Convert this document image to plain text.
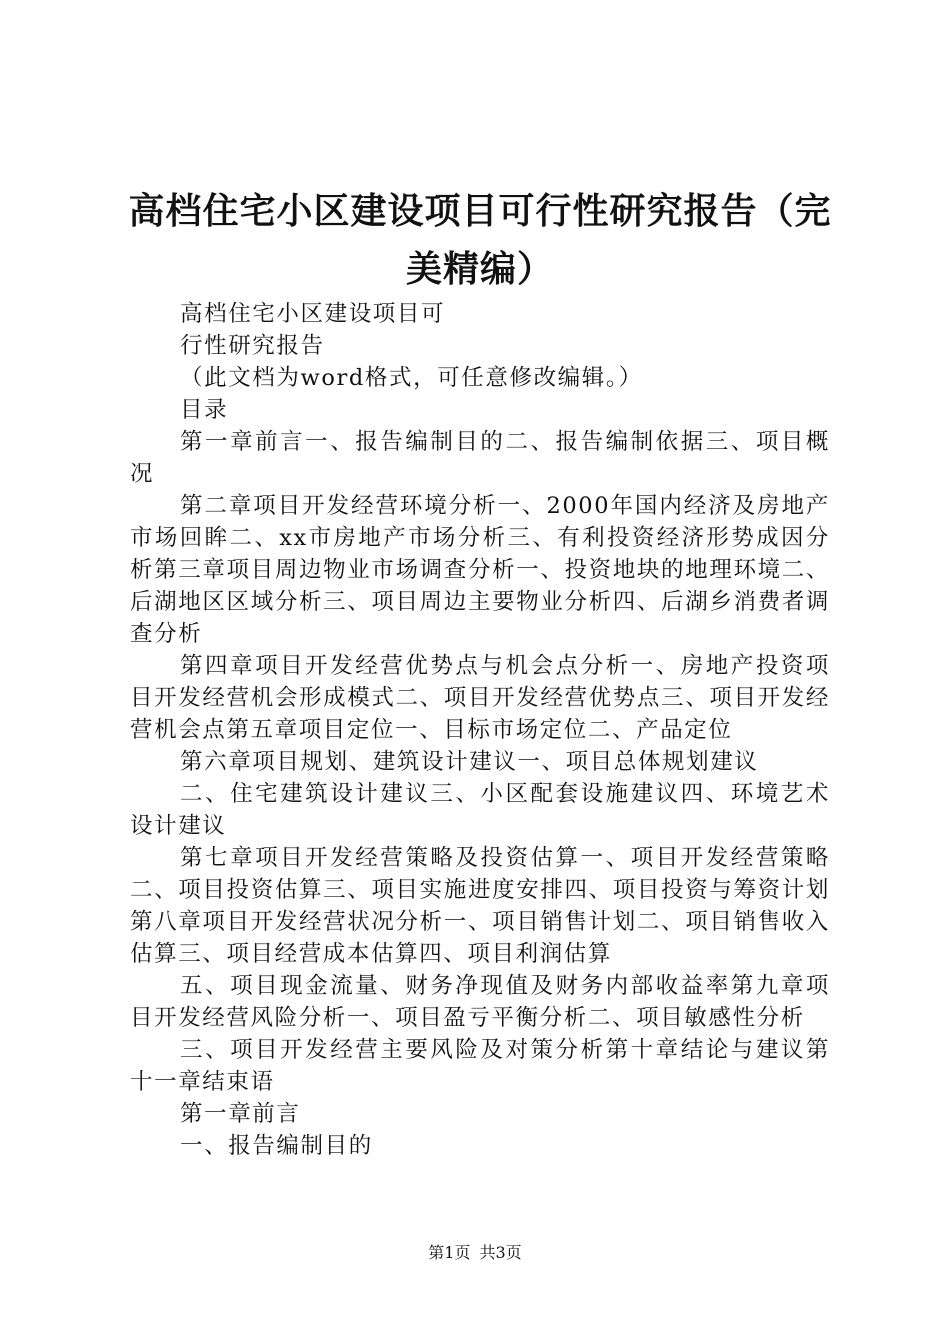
高档住宅小区建设项目可行性研究报告（完美精编）

高档住宅小区建设项目可

行性研究报告

（此文档为word格式，可任意修改编辑。）

目录

第一章前言一、报告编制目的二、报告编制依据三、项目概况

第二章项目开发经营环境分析一、2000年国内经济及房地产市场回眸二、xx市房地产市场分析三、有利投资经济形势成因分析第三章项目周边物业市场调查分析一、投资地块的地理环境二、后湖地区区域分析三、项目周边主要物业分析四、后湖乡消费者调查分析

第四章项目开发经营优势点与机会点分析一、房地产投资项目开发经营机会形成模式二、项目开发经营优势点三、项目开发经营机会点第五章项目定位一、目标市场定位二、产品定位

第六章项目规划、建筑设计建议一、项目总体规划建议

二、住宅建筑设计建议三、小区配套设施建议四、环境艺术设计建议

第七章项目开发经营策略及投资估算一、项目开发经营策略二、项目投资估算三、项目实施进度安排四、项目投资与筹资计划第八章项目开发经营状况分析一、项目销售计划二、项目销售收入估算三、项目经营成本估算四、项目利润估算

五、项目现金流量、财务净现值及财务内部收益率第九章项目开发经营风险分析一、项目盈亏平衡分析二、项目敏感性分析

三、项目开发经营主要风险及对策分析第十章结论与建议第十一章结束语

第一章前言

一、报告编制目的

第1页 共3页
